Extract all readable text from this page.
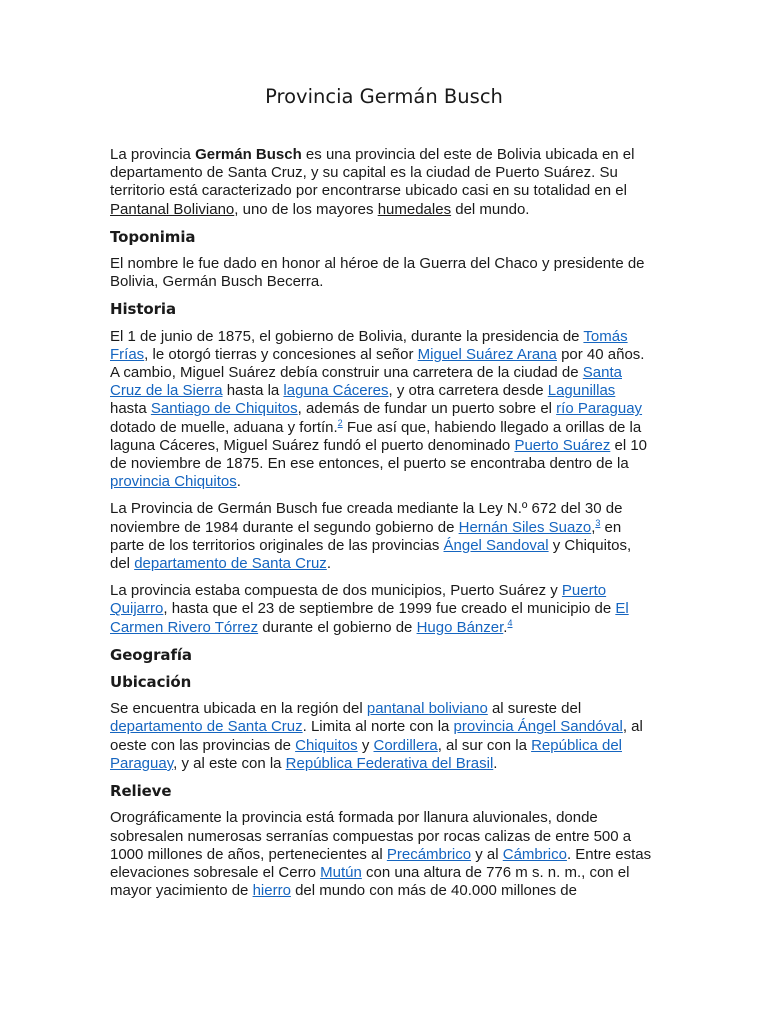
Provincia Germán Busch

La provincia Germán Busch es una provincia del este de Bolivia ubicada en el departamento de Santa Cruz, y su capital es la ciudad de Puerto Suárez. Su territorio está caracterizado por encontrarse ubicado casi en su totalidad en el Pantanal Boliviano, uno de los mayores humedales del mundo.

Toponimia

El nombre le fue dado en honor al héroe de la Guerra del Chaco y presidente de Bolivia, Germán Busch Becerra.

Historia

El 1 de junio de 1875, el gobierno de Bolivia, durante la presidencia de Tomás Frías, le otorgó tierras y concesiones al señor Miguel Suárez Arana por 40 años. A cambio, Miguel Suárez debía construir una carretera de la ciudad de Santa Cruz de la Sierra hasta la laguna Cáceres, y otra carretera desde Lagunillas hasta Santiago de Chiquitos, además de fundar un puerto sobre el río Paraguay dotado de muelle, aduana y fortín.$^2$ Fue así que, habiendo llegado a orillas de la laguna Cáceres, Miguel Suárez fundó el puerto denominado Puerto Suárez el 10 de noviembre de 1875. En ese entonces, el puerto se encontraba dentro de la provincia Chiquitos.

La Provincia de Germán Busch fue creada mediante la Ley N.º 672 del 30 de noviembre de 1984 durante el segundo gobierno de Hernán Siles Suazo,$^3$ en parte de los territorios originales de las provincias Ángel Sandoval y Chiquitos, del departamento de Santa Cruz.

La provincia estaba compuesta de dos municipios, Puerto Suárez y Puerto Quijarro, hasta que el 23 de septiembre de 1999 fue creado el municipio de El Carmen Rivero Tórrez durante el gobierno de Hugo Bánzer.$^4$

Geografía
Ubicación

Se encuentra ubicada en la región del pantanal boliviano al sureste del departamento de Santa Cruz. Limita al norte con la provincia Ángel Sandóval, al oeste con las provincias de Chiquitos y Cordillera, al sur con la República del Paraguay, y al este con la República Federativa del Brasil.

Relieve

Orográficamente la provincia está formada por llanura aluvionales, donde sobresalen numerosas serranías compuestas por rocas calizas de entre 500 a 1000 millones de años, pertenecientes al Precámbrico y al Cámbrico. Entre estas elevaciones sobresale el Cerro Mutún con una altura de 776 m s. n. m., con el mayor yacimiento de hierro del mundo con más de 40.000 millones de
